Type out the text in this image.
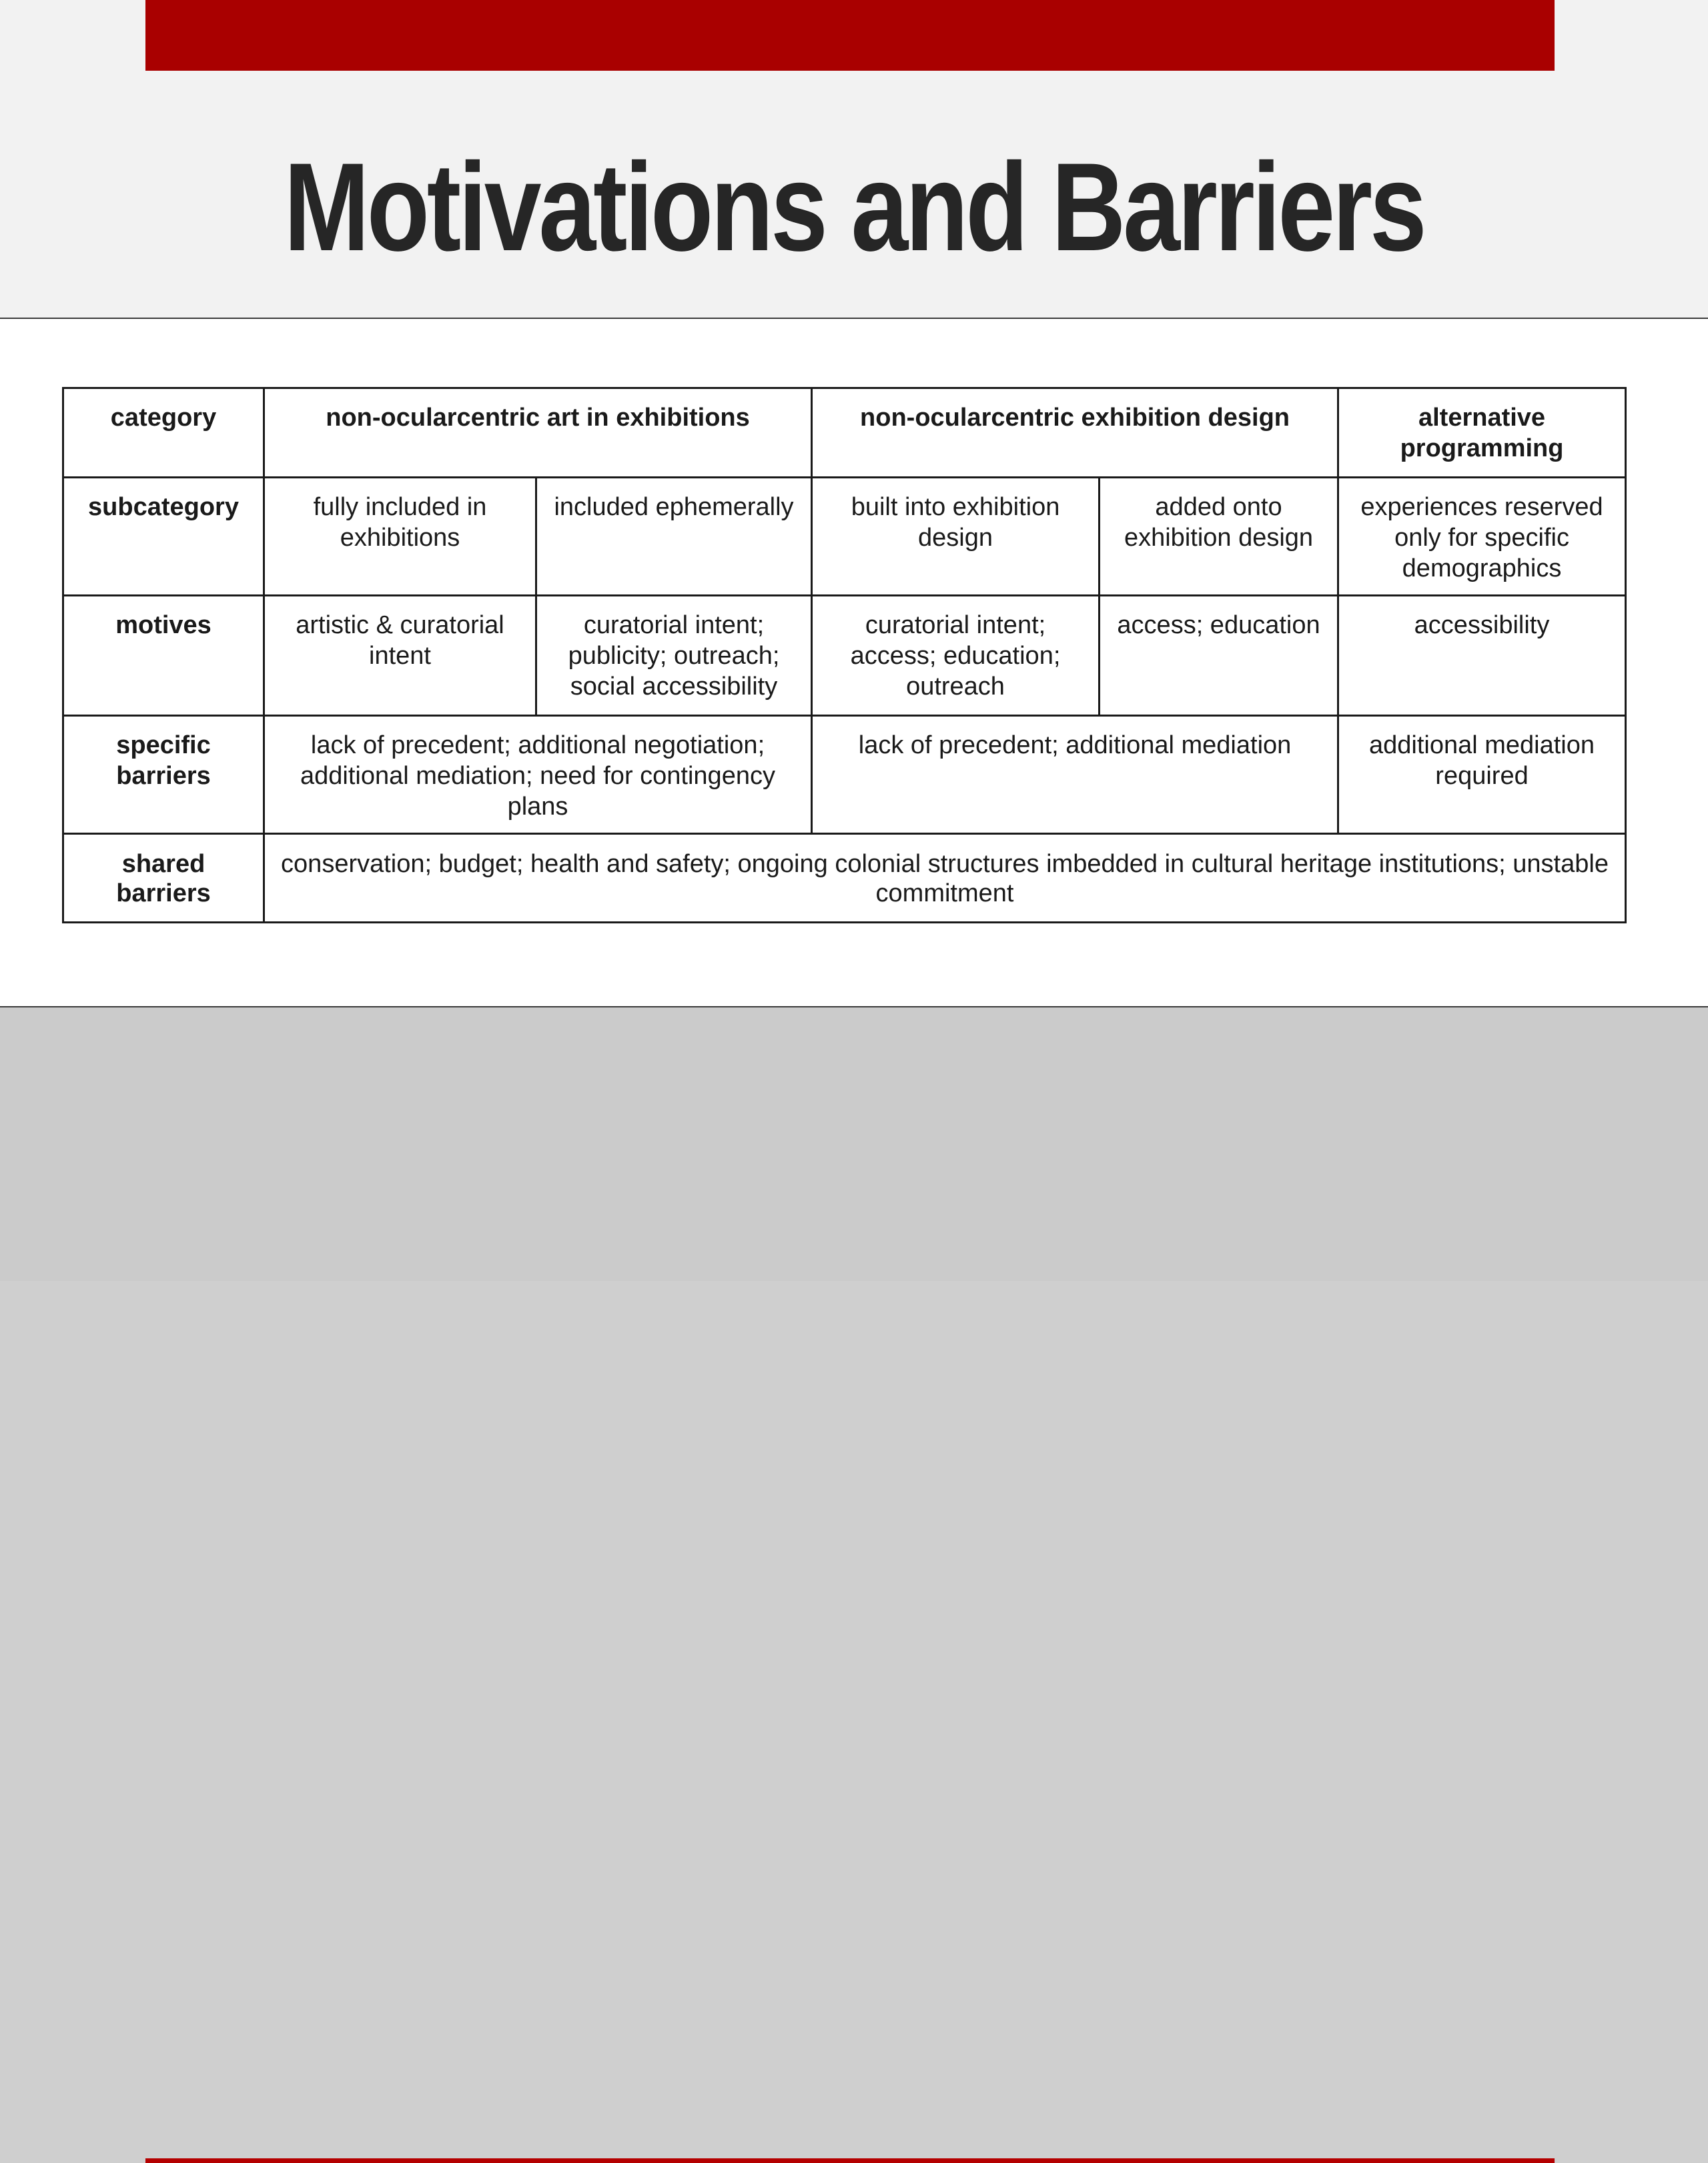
Motivations and Barriers
category	non-ocularcentric art in exhibitions		non-ocularcentric exhibition design		alternative programming
subcategory	fully included in exhibitions	included ephemerally	built into exhibition design	added onto exhibition design	experiences reserved only for specific demographics
motives	artistic & curatorial intent	curatorial intent; publicity; outreach; social accessibility	curatorial intent; access; education; outreach	access; education	accessibility
specific barriers	lack of precedent; additional negotiation; additional mediation; need for contingency plans		lack of precedent; additional mediation		additional mediation required
shared barriers	conservation; budget; health and safety; ongoing colonial structures imbedded in cultural heritage institutions; unstable commitment				
